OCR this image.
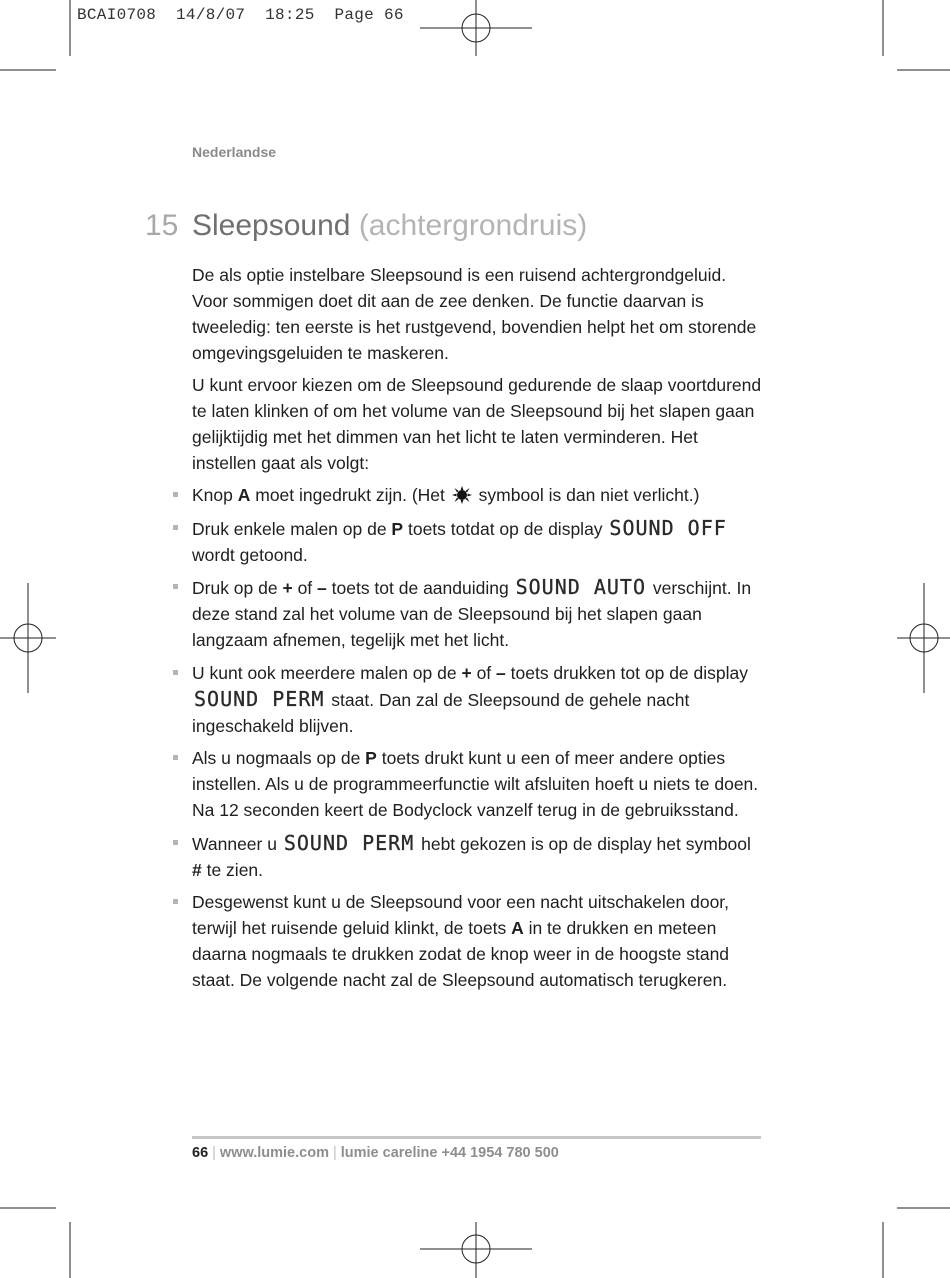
BCAI0708  14/8/07  18:25  Page 66
Nederlandse
15 Sleepsound (achtergrondruis)

De als optie instelbare Sleepsound is een ruisend achtergrondgeluid. Voor sommigen doet dit aan de zee denken. De functie daarvan is tweeledig: ten eerste is het rustgevend, bovendien helpt het om storende omgevingsgeluiden te maskeren.

U kunt ervoor kiezen om de Sleepsound gedurende de slaap voortdurend te laten klinken of om het volume van de Sleepsound bij het slapen gaan gelijktijdig met het dimmen van het licht te laten verminderen. Het instellen gaat als volgt:

Knop A moet ingedrukt zijn. (Het  symbool is dan niet verlicht.)
Druk enkele malen op de P toets totdat op de display SOUND OFF wordt getoond.
Druk op de + of – toets tot de aanduiding SOUND AUTO verschijnt. In deze stand zal het volume van de Sleepsound bij het slapen gaan langzaam afnemen, tegelijk met het licht.
U kunt ook meerdere malen op de + of – toets drukken tot op de display SOUND PERM staat. Dan zal de Sleepsound de gehele nacht ingeschakeld blijven.
Als u nogmaals op de P toets drukt kunt u een of meer andere opties instellen. Als u de programmeerfunctie wilt afsluiten hoeft u niets te doen. Na 12 seconden keert de Bodyclock vanzelf terug in de gebruiksstand.
Wanneer u SOUND PERM hebt gekozen is op de display het symbool # te zien.
Desgewenst kunt u de Sleepsound voor een nacht uitschakelen door, terwijl het ruisende geluid klinkt, de toets A in te drukken en meteen daarna nogmaals te drukken zodat de knop weer in de hoogste stand staat. De volgende nacht zal de Sleepsound automatisch terugkeren.
66 | www.lumie.com | lumie careline +44 1954 780 500
